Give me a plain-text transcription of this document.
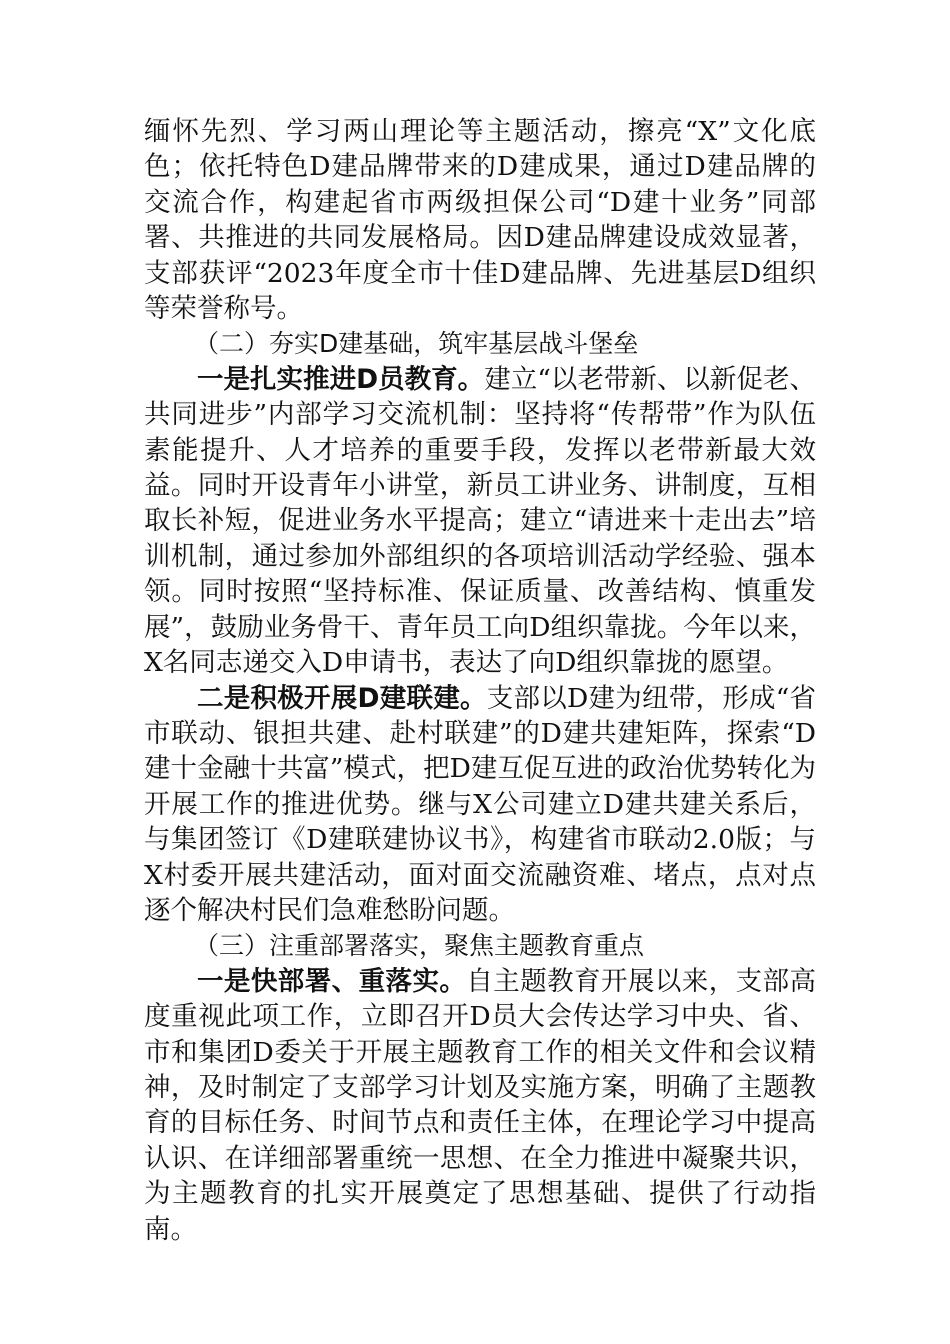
缅怀先烈、学习两山理论等主题活动，擦亮“X”文化底色；依托特色D建品牌带来的D建成果，通过D建品牌的交流合作，构建起省市两级担保公司“D建十业务”同部署、共推进的共同发展格局。因D建品牌建设成效显著，支部获评“2023年度全市十佳D建品牌、先进基层D组织等荣誉称号。

（二）夯实D建基础，筑牢基层战斗堡垒

一是扎实推进D员教育。建立“以老带新、以新促老、共同进步”内部学习交流机制：坚持将“传帮带”作为队伍素能提升、人才培养的重要手段，发挥以老带新最大效益。同时开设青年小讲堂，新员工讲业务、讲制度，互相取长补短，促进业务水平提高；建立“请进来十走出去”培训机制，通过参加外部组织的各项培训活动学经验、强本领。同时按照“坚持标准、保证质量、改善结构、慎重发展”，鼓励业务骨干、青年员工向D组织靠拢。今年以来，X名同志递交入D申请书，表达了向D组织靠拢的愿望。

二是积极开展D建联建。支部以D建为纽带，形成“省市联动、银担共建、赴村联建”的D建共建矩阵，探索“D建十金融十共富”模式，把D建互促互进的政治优势转化为开展工作的推进优势。继与X公司建立D建共建关系后，与集团签订《D建联建协议书》，构建省市联动2.0版；与X村委开展共建活动，面对面交流融资难、堵点，点对点逐个解决村民们急难愁盼问题。

（三）注重部署落实，聚焦主题教育重点

一是快部署、重落实。自主题教育开展以来，支部高度重视此项工作，立即召开D员大会传达学习中央、省、市和集团D委关于开展主题教育工作的相关文件和会议精神，及时制定了支部学习计划及实施方案，明确了主题教育的目标任务、时间节点和责任主体，在理论学习中提高认识、在详细部署重统一思想、在全力推进中凝聚共识，为主题教育的扎实开展奠定了思想基础、提供了行动指南。
